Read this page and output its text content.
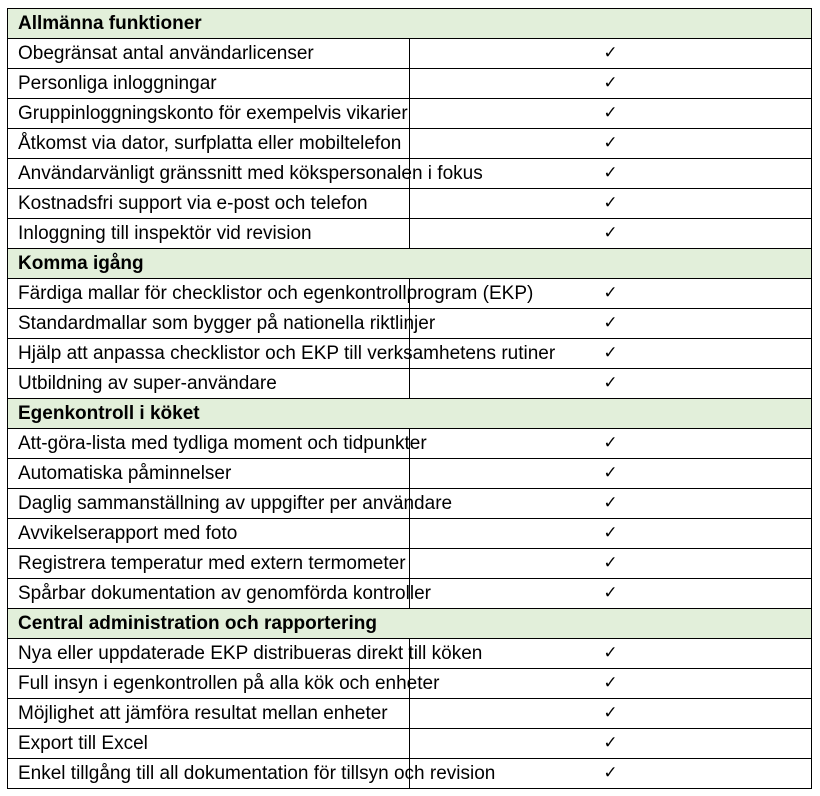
Allmänna funktioner	
Obegränsat antal användarlicenser	✓
Personliga inloggningar	✓
Gruppinloggningskonto för exempelvis vikarier	✓
Åtkomst via dator, surfplatta eller mobiltelefon	✓
Användarvänligt gränssnitt med kökspersonalen i fokus	✓
Kostnadsfri support via e-post och telefon	✓
Inloggning till inspektör vid revision	✓
Komma igång	
Färdiga mallar för checklistor och egenkontrollprogram (EKP)	✓
Standardmallar som bygger på nationella riktlinjer	✓
Hjälp att anpassa checklistor och EKP till verksamhetens rutiner	✓
Utbildning av super-användare	✓
Egenkontroll i köket	
Att-göra-lista med tydliga moment och tidpunkter	✓
Automatiska påminnelser	✓
Daglig sammanställning av uppgifter per användare	✓
Avvikelserapport med foto	✓
Registrera temperatur med extern termometer	✓
Spårbar dokumentation av genomförda kontroller	✓
Central administration och rapportering	
Nya eller uppdaterade EKP distribueras direkt till köken	✓
Full insyn i egenkontrollen på alla kök och enheter	✓
Möjlighet att jämföra resultat mellan enheter	✓
Export till Excel	✓
Enkel tillgång till all dokumentation för tillsyn och revision	✓
